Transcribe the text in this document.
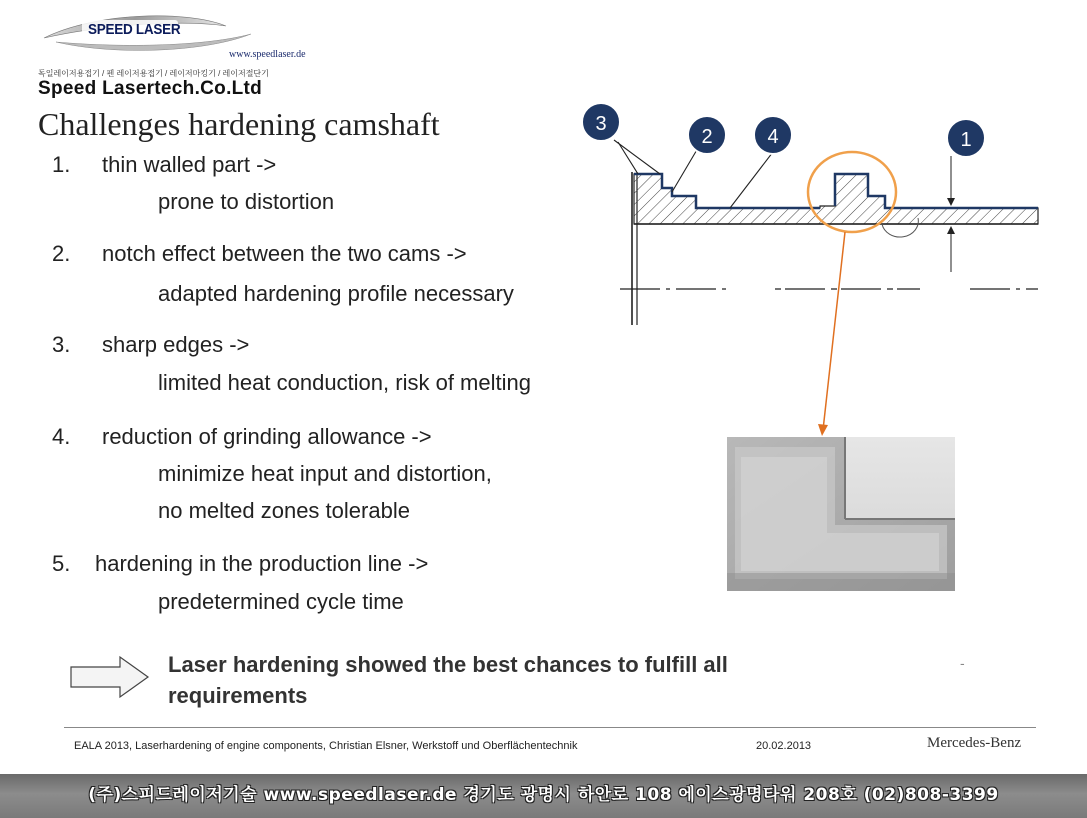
SPEED LASER
www.speedlaser.de
독일레이저용접기 / 펜 레이저용접기 / 레이저마킹기 / 레이저절단기
Speed Lasertech.Co.Ltd
Challenges hardening camshaft
1. thin walled part ->
prone to distortion
2. notch effect between the two cams ->
adapted hardening profile necessary
3. sharp edges ->
limited heat conduction, risk of melting
4. reduction of grinding allowance ->
minimize heat input and distortion,
no melted zones tolerable
5. hardening in the production line ->
predetermined cycle time
3
2	4	1
Laser hardening showed the best chances to fulfill all
requirements
-
EALA 2013, Laserhardening of engine components, Christian Elsner, Werkstoff und Oberflächentechnik	20.02.2013	Mercedes-Benz
(주)스피드레이저기술 www.speedlaser.de 경기도 광명시 하안로 108 에이스광명타워 208호 (02)808-3399
